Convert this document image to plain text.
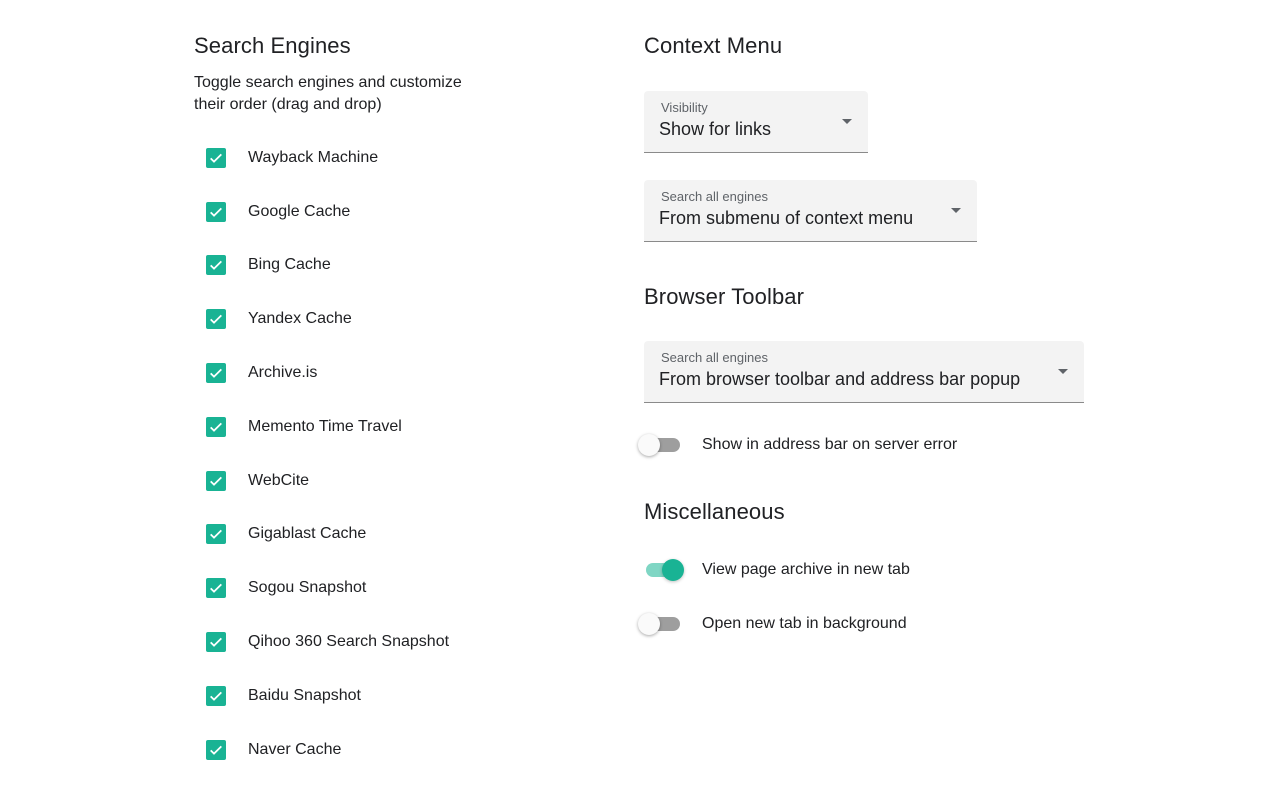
Search Engines
Toggle search engines and customize their order (drag and drop)
Wayback Machine
Google Cache
Bing Cache
Yandex Cache
Archive.is
Memento Time Travel
WebCite
Gigablast Cache
Sogou Snapshot
Qihoo 360 Search Snapshot
Baidu Snapshot
Naver Cache
Context Menu
Visibility
Show for links
Search all engines
From submenu of context menu
Browser Toolbar
Search all engines
From browser toolbar and address bar popup
Show in address bar on server error
Miscellaneous
View page archive in new tab
Open new tab in background
